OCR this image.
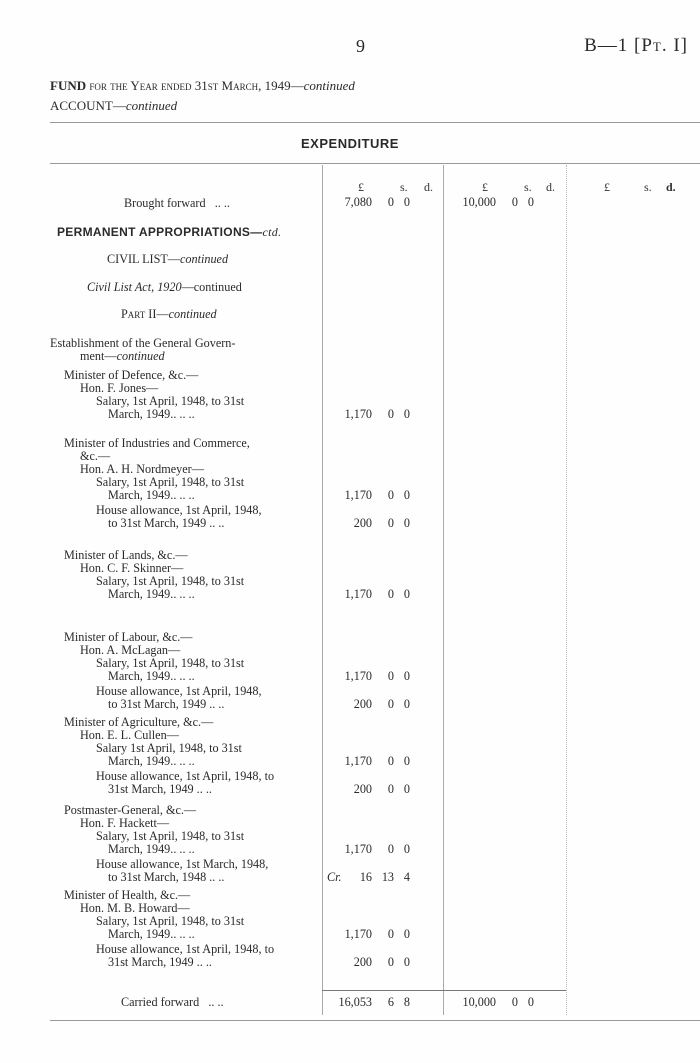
9	B—1 [Pt. I]
FUND for the Year ended 31st March, 1949—continued
ACCOUNT—continued
EXPENDITURE
£	s. d.	£	s. d.	£	s. d.
Brought forward .. ..	7,080 0 0	10,000 0 0
PERMANENT APPROPRIATIONS—ctd.
CIVIL LIST—continued
Civil List Act, 1920—continued
Part II—continued
Establishment of the General Govern-
ment—continued
Minister of Defence, &c.—
Hon. F. Jones—
Salary, 1st April, 1948, to 31st
March, 1949.. .. ..	1,170 0 0
Minister of Industries and Commerce,
&c.—
Hon. A. H. Nordmeyer—
Salary, 1st April, 1948, to 31st
March, 1949.. .. ..	1,170 0 0
House allowance, 1st April, 1948,
to 31st March, 1949 .. ..	200 0 0
Minister of Lands, &c.—
Hon. C. F. Skinner—
Salary, 1st April, 1948, to 31st
March, 1949.. .. ..	1,170 0 0
Minister of Labour, &c.—
Hon. A. McLagan—
Salary, 1st April, 1948, to 31st
March, 1949.. .. ..	1,170 0 0
House allowance, 1st April, 1948,
to 31st March, 1949 .. ..	200 0 0
Minister of Agriculture, &c.—
Hon. E. L. Cullen—
Salary 1st April, 1948, to 31st
March, 1949.. .. ..	1,170 0 0
House allowance, 1st April, 1948, to
31st March, 1949 .. ..	200 0 0
Postmaster-General, &c.—
Hon. F. Hackett—
Salary, 1st April, 1948, to 31st
March, 1949.. .. ..	1,170 0 0
House allowance, 1st March, 1948,
to 31st March, 1948 .. ..	Cr.	16 13 4
Minister of Health, &c.—
Hon. M. B. Howard—
Salary, 1st April, 1948, to 31st
March, 1949.. .. ..	1,170 0 0
House allowance, 1st April, 1948, to
31st March, 1949 .. ..	200 0 0
Carried forward .. ..	16,053 6 8	10,000 0 0
